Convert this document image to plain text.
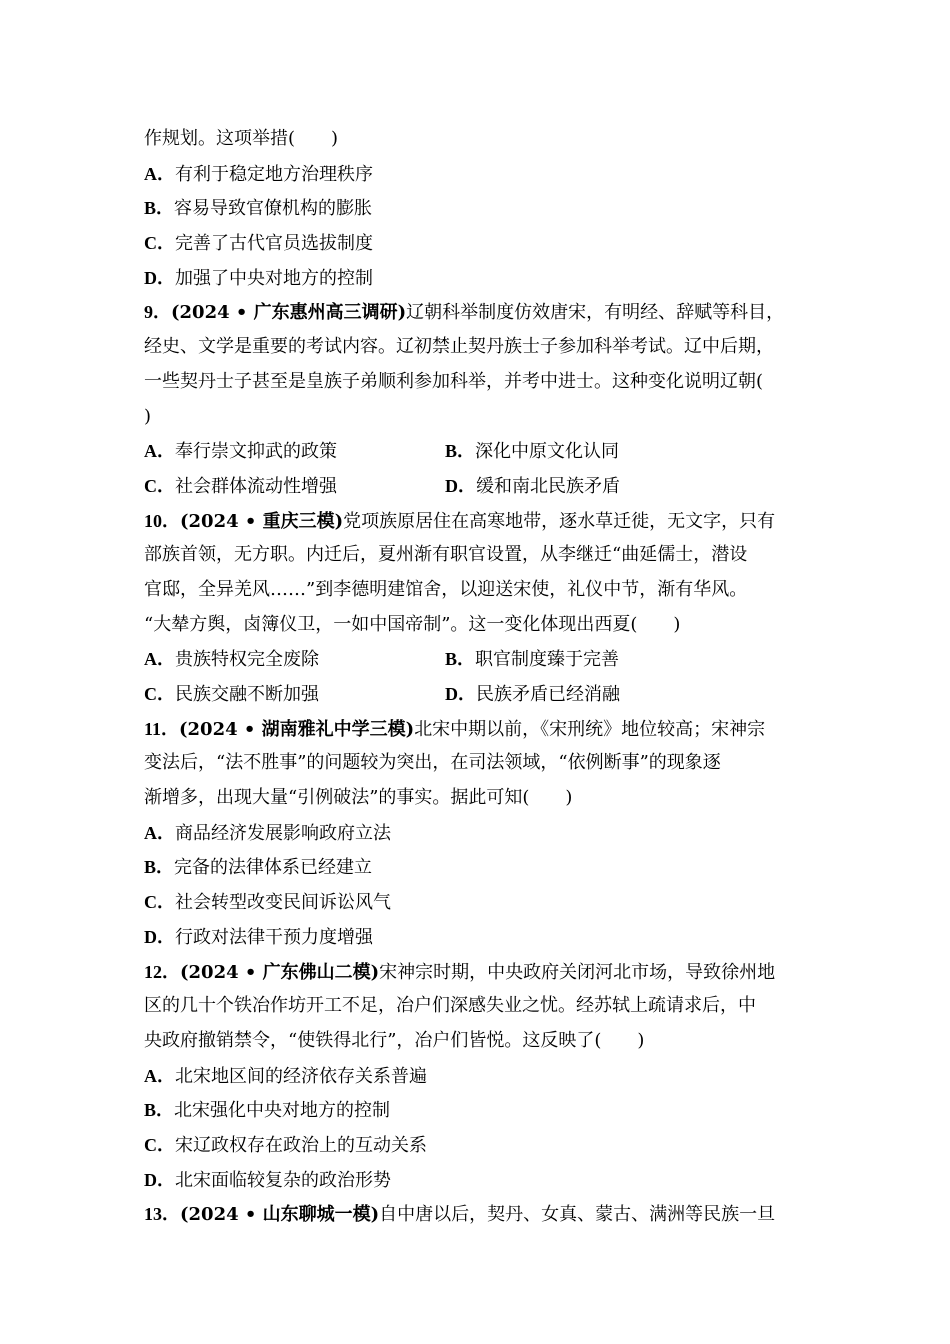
作规划。这项举措(　　)
A．有利于稳定地方治理秩序
B．容易导致官僚机构的膨胀
C．完善了古代官员选拔制度
D．加强了中央对地方的控制
9．(2024 • 广东惠州高三调研)辽朝科举制度仿效唐宋，有明经、辞赋等科目，
经史、文学是重要的考试内容。辽初禁止契丹族士子参加科举考试。辽中后期，
一些契丹士子甚至是皇族子弟顺利参加科举，并考中进士。这种变化说明辽朝(
)
A．奉行崇文抑武的政策	B．深化中原文化认同
C．社会群体流动性增强	D．缓和南北民族矛盾
10．(2024 • 重庆三模)党项族原居住在高寒地带，逐水草迁徙，无文字，只有
部族首领，无方职。内迁后，夏州渐有职官设置，从李继迁“曲延儒士，潜设
官邸，全异羌风……”到李德明建馆舍，以迎送宋使，礼仪中节，渐有华风。
“大辇方舆，卤簿仪卫，一如中国帝制”。这一变化体现出西夏(　　)
A．贵族特权完全废除	B．职官制度臻于完善
C．民族交融不断加强	D．民族矛盾已经消融
11．(2024 • 湖南雅礼中学三模)北宋中期以前，《宋刑统》地位较高；宋神宗
变法后，“法不胜事”的问题较为突出，在司法领域，“依例断事”的现象逐
渐增多，出现大量“引例破法”的事实。据此可知(　　)
A．商品经济发展影响政府立法
B．完备的法律体系已经建立
C．社会转型改变民间诉讼风气
D．行政对法律干预力度增强
12．(2024 • 广东佛山二模)宋神宗时期，中央政府关闭河北市场，导致徐州地
区的几十个铁冶作坊开工不足，冶户们深感失业之忧。经苏轼上疏请求后，中
央政府撤销禁令，“使铁得北行”，冶户们皆悦。这反映了(　　)
A．北宋地区间的经济依存关系普遍
B．北宋强化中央对地方的控制
C．宋辽政权存在政治上的互动关系
D．北宋面临较复杂的政治形势
13．(2024 • 山东聊城一模)自中唐以后，契丹、女真、蒙古、满洲等民族一旦
